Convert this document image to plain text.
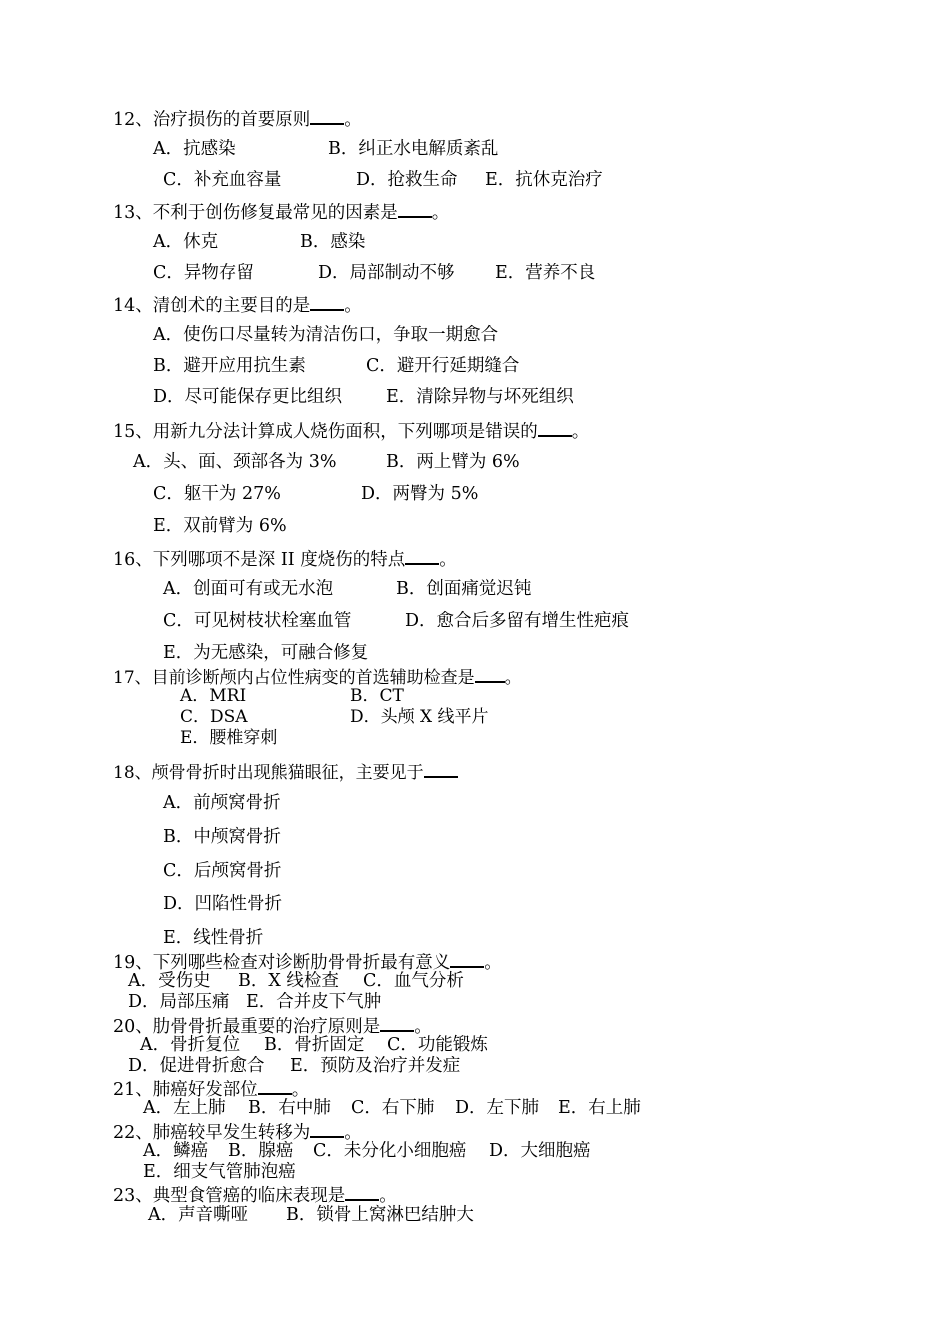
12、治疗损伤的首要原则 。
A．抗感染	B．纠正水电解质紊乱
C．补充血容量	D．抢救生命 E．抗休克治疗
13、不利于创伤修复最常见的因素是 。
A．休克	B．感染
C．异物存留	D．局部制动不够 E．营养不良
14、清创术的主要目的是 。
A．使伤口尽量转为清洁伤口，争取一期愈合
B．避开应用抗生素	C．避开行延期缝合
D．尽可能保存更比组织	E．清除异物与坏死组织
15、用新九分法计算成人烧伤面积，下列哪项是错误的 。
A．头、面、颈部各为 3%	B．两上臂为 6%
C．躯干为 27%	D．两臀为 5%
E．双前臂为 6%
16、下列哪项不是深 II 度烧伤的特点 。
A．创面可有或无水泡	B．创面痛觉迟钝
C．可见树枝状栓塞血管	D．愈合后多留有增生性疤痕
E．为无感染，可融合修复
17、目前诊断颅内占位性病变的首选辅助检查是 。
A．MRI	B．CT
C．DSA	D．头颅 X 线平片
E．腰椎穿刺
18、颅骨骨折时出现熊猫眼征，主要见于
A．前颅窝骨折
B．中颅窝骨折
C．后颅窝骨折
D．凹陷性骨折
E．线性骨折
19、下列哪些检查对诊断肋骨骨折最有意义 。
A．受伤史 B．X 线检查 C．血气分析
D．局部压痛 E．合并皮下气肿
20、肋骨骨折最重要的治疗原则是 。
A．骨折复位 B．骨折固定 C．功能锻炼
D．促进骨折愈合 E．预防及治疗并发症
21、肺癌好发部位 。
A．左上肺 B．右中肺 C．右下肺 D．左下肺 E．右上肺
22、肺癌较早发生转移为 。
A．鳞癌 B．腺癌 C．未分化小细胞癌 D．大细胞癌
E．细支气管肺泡癌
23、典型食管癌的临床表现是 。
A．声音嘶哑 B．锁骨上窝淋巴结肿大
